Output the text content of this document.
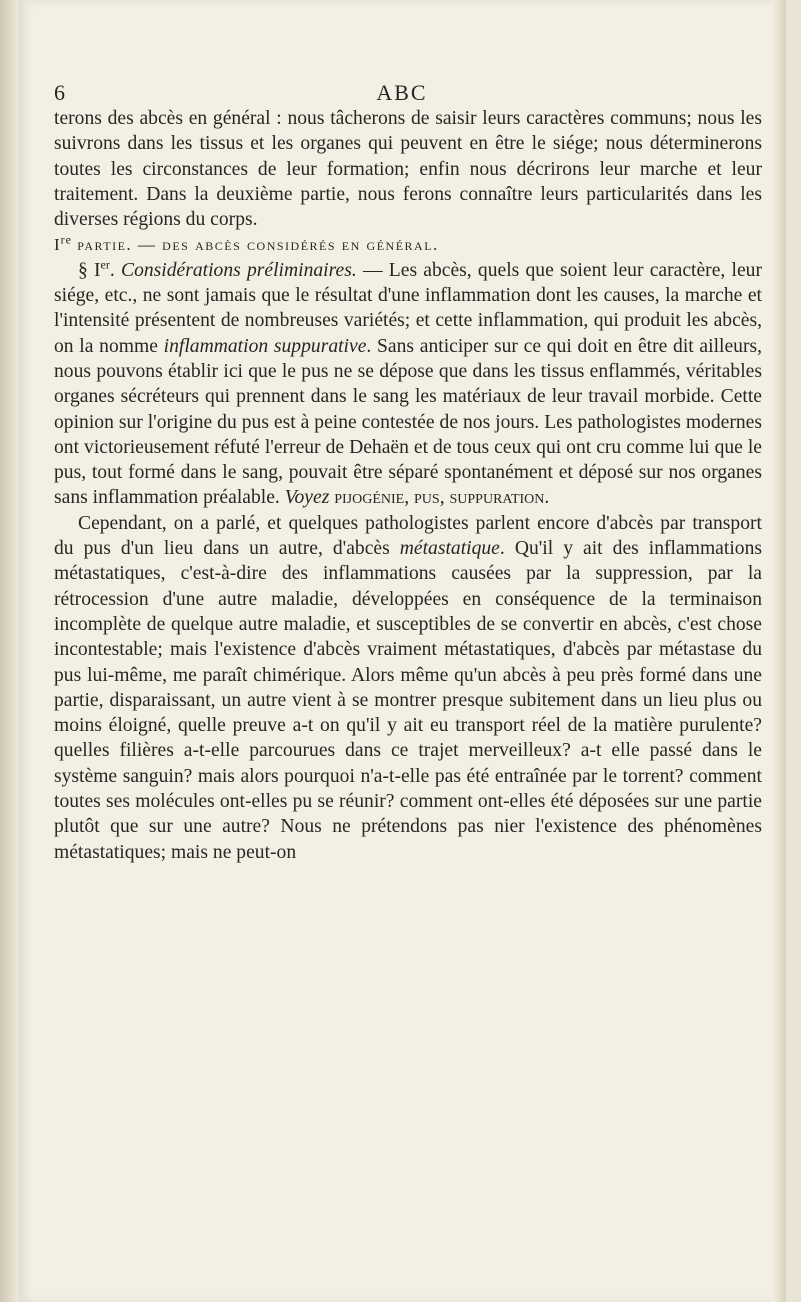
6	ABC

terons des abcès en général : nous tâcherons de saisir leurs caractères communs; nous les suivrons dans les tissus et les organes qui peuvent en être le siége; nous déterminerons toutes les circonstances de leur formation; enfin nous décrirons leur marche et leur traitement. Dans la deuxième partie, nous ferons connaître leurs particularités dans les diverses régions du corps.

Ire partie. — des abcès considérés en général.

§ Ier. Considérations préliminaires. — Les abcès, quels que soient leur caractère, leur siége, etc., ne sont jamais que le résultat d'une inflammation dont les causes, la marche et l'intensité présentent de nombreuses variétés; et cette inflammation, qui produit les abcès, on la nomme inflammation suppurative. Sans anticiper sur ce qui doit en être dit ailleurs, nous pouvons établir ici que le pus ne se dépose que dans les tissus enflammés, véritables organes sécréteurs qui prennent dans le sang les matériaux de leur travail morbide. Cette opinion sur l'origine du pus est à peine contestée de nos jours. Les pathologistes modernes ont victorieusement réfuté l'erreur de Dehaën et de tous ceux qui ont cru comme lui que le pus, tout formé dans le sang, pouvait être séparé spontanément et déposé sur nos organes sans inflammation préalable. Voyez pijogénie, pus, suppuration.

Cependant, on a parlé, et quelques pathologistes parlent encore d'abcès par transport du pus d'un lieu dans un autre, d'abcès métastatique. Qu'il y ait des inflammations métastatiques, c'est-à-dire des inflammations causées par la suppression, par la rétrocession d'une autre maladie, développées en conséquence de la terminaison incomplète de quelque autre maladie, et susceptibles de se convertir en abcès, c'est chose incontestable; mais l'existence d'abcès vraiment métastatiques, d'abcès par métastase du pus lui-même, me paraît chimérique. Alors même qu'un abcès à peu près formé dans une partie, disparaissant, un autre vient à se montrer presque subitement dans un lieu plus ou moins éloigné, quelle preuve a-t on qu'il y ait eu transport réel de la matière purulente? quelles filières a-t-elle parcourues dans ce trajet merveilleux? a-t elle passé dans le système sanguin? mais alors pourquoi n'a-t-elle pas été entraînée par le torrent? comment toutes ses molécules ont-elles pu se réunir? comment ont-elles été déposées sur une partie plutôt que sur une autre? Nous ne prétendons pas nier l'existence des phénomènes métastatiques; mais ne peut-on
